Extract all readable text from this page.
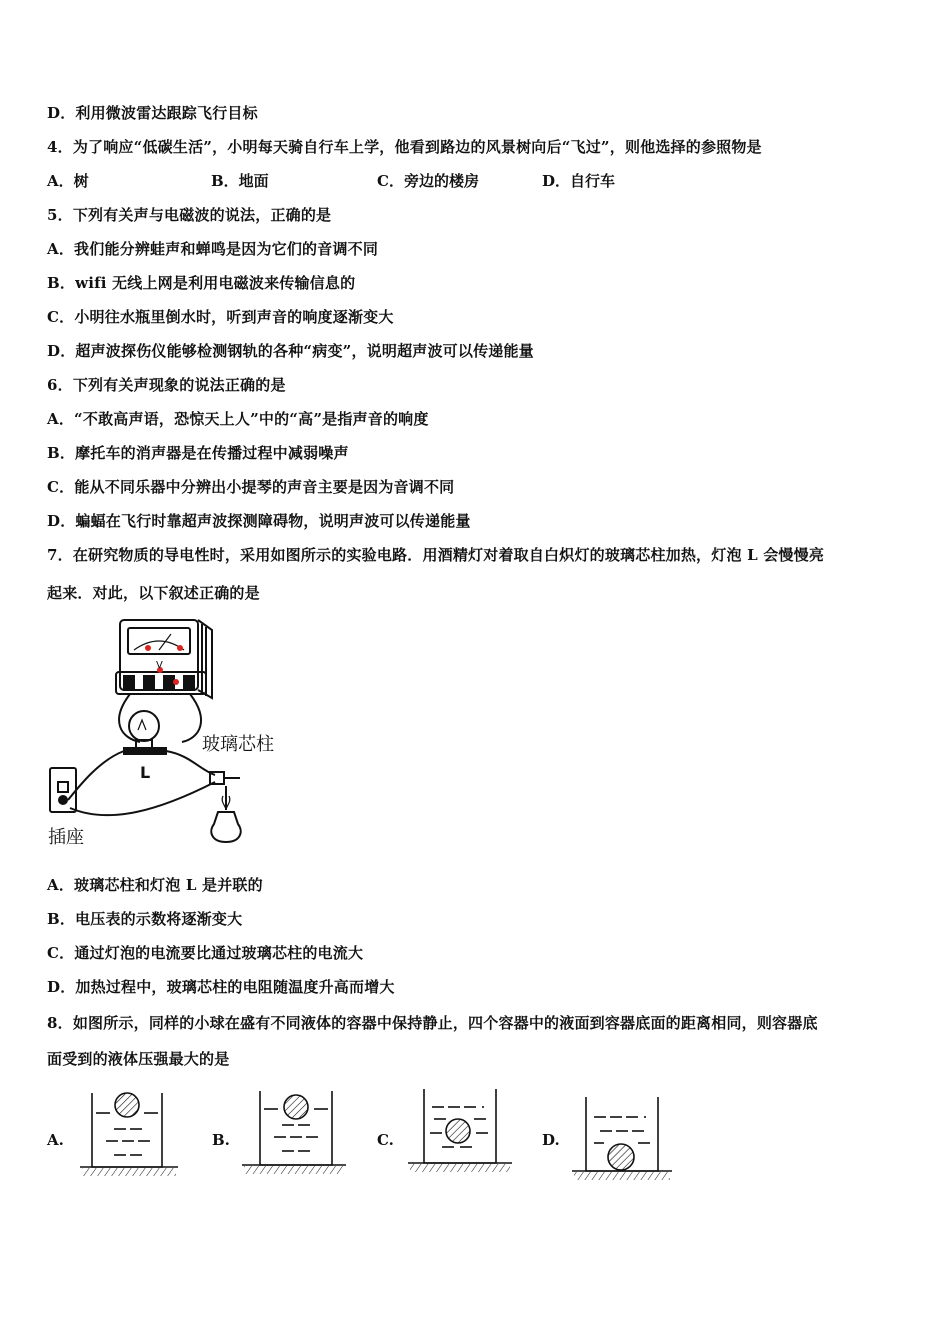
D．利用微波雷达跟踪飞行目标
4．为了响应“低碳生活”，小明每天骑自行车上学，他看到路边的风景树向后“飞过”，则他选择的参照物是
A．树	B．地面	C．旁边的楼房	D．自行车
5．下列有关声与电磁波的说法，正确的是
A．我们能分辨蛙声和蝉鸣是因为它们的音调不同
B．wifi 无线上网是利用电磁波来传输信息的
C．小明往水瓶里倒水时，听到声音的响度逐渐变大
D．超声波探伤仪能够检测钢轨的各种“病变”，说明超声波可以传递能量
6．下列有关声现象的说法正确的是
A．“不敢高声语，恐惊天上人”中的“高”是指声音的响度
B．摩托车的消声器是在传播过程中减弱噪声
C．能从不同乐器中分辨出小提琴的声音主要是因为音调不同
D．蝙蝠在飞行时靠超声波探测障碍物，说明声波可以传递能量
7．在研究物质的导电性时，采用如图所示的实验电路．用酒精灯对着取自白炽灯的玻璃芯柱加热，灯泡 L 会慢慢亮
起来．对此，以下叙述正确的是
L
玻璃芯柱
插座
V
A．玻璃芯柱和灯泡 L 是并联的
B．电压表的示数将逐渐变大
C．通过灯泡的电流要比通过玻璃芯柱的电流大
D．加热过程中，玻璃芯柱的电阻随温度升高而增大
8．如图所示，同样的小球在盛有不同液体的容器中保持静止，四个容器中的液面到容器底面的距离相同，则容器底
面受到的液体压强最大的是
A.	B.	C.	D.
